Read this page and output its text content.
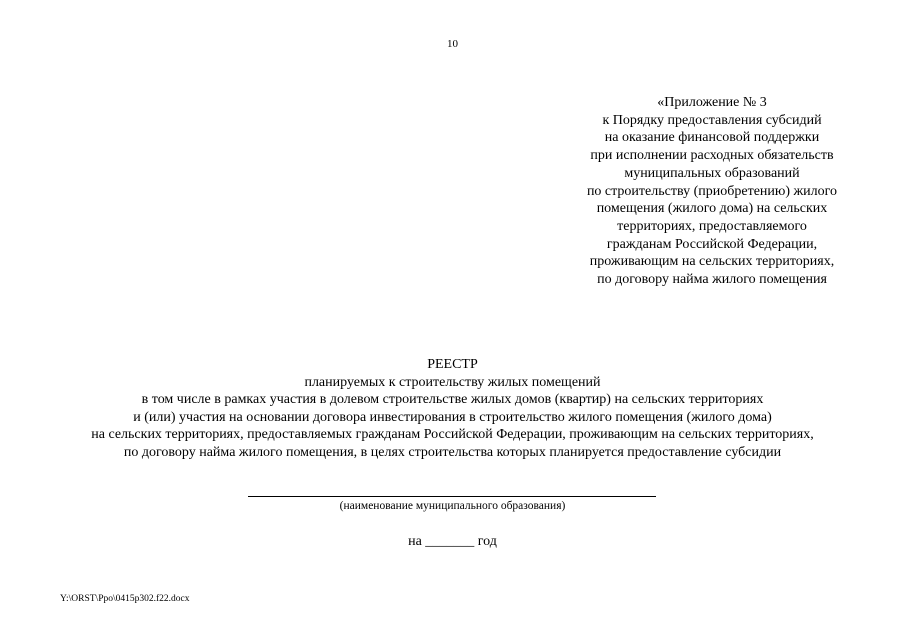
10
«Приложение № 3
к Порядку предоставления субсидий
на оказание финансовой поддержки
при исполнении расходных обязательств
муниципальных образований
по строительству (приобретению) жилого
помещения (жилого дома) на сельских
территориях, предоставляемого
гражданам Российской Федерации,
проживающим на сельских территориях,
по договору найма жилого помещения
РЕЕСТР
планируемых к строительству жилых помещений
в том числе в рамках участия в долевом строительстве жилых домов (квартир) на сельских территориях
и (или) участия на основании договора инвестирования в строительство жилого помещения (жилого дома)
на сельских территориях, предоставляемых гражданам Российской Федерации, проживающим на сельских территориях,
по договору найма жилого помещения, в целях строительства которых планируется предоставление субсидии
(наименование муниципального образования)
на _______ год
Y:\ORST\Ppo\0415p302.f22.docx
